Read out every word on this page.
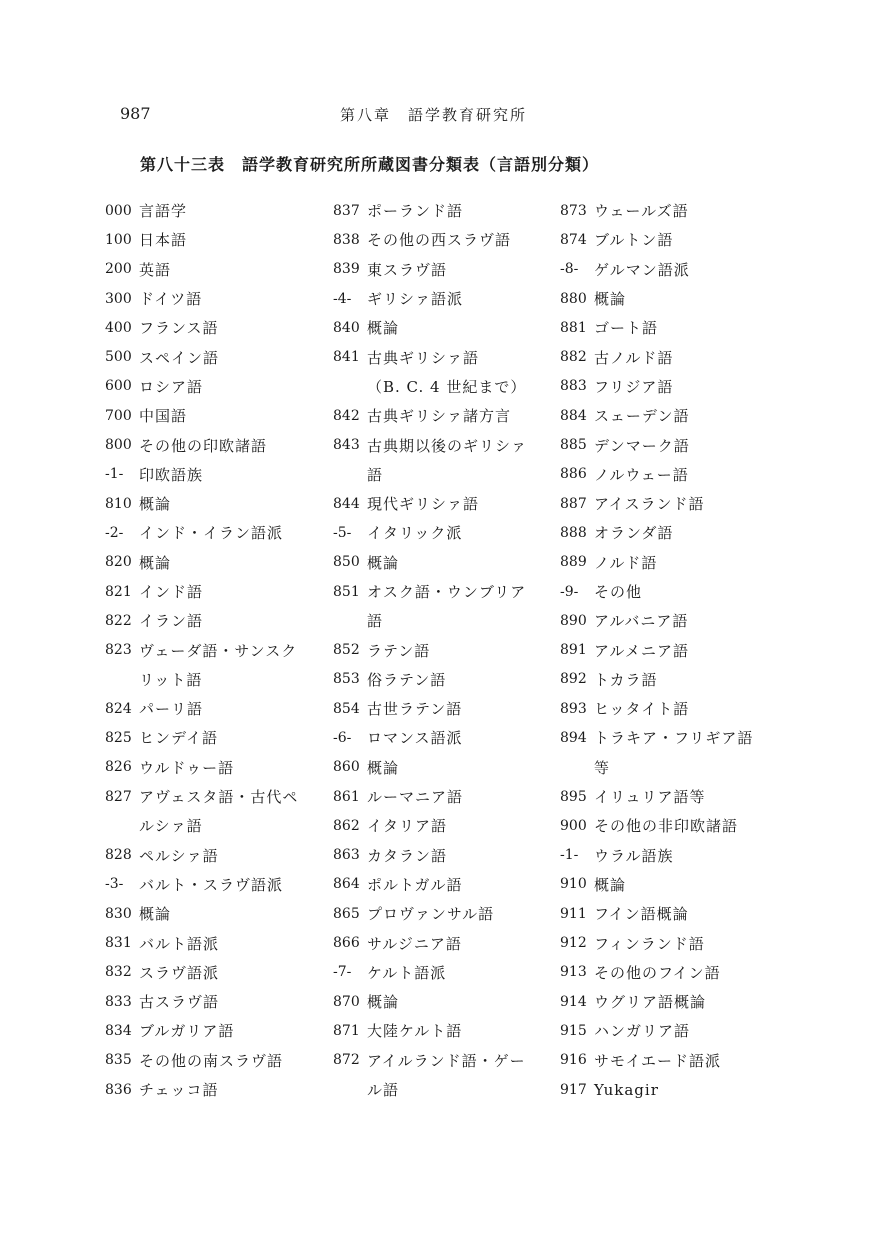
987	第八章　語学教育研究所
第八十三表　語学教育研究所所蔵図書分類表（言語別分類）
000 言語学
100 日本語
200 英語
300 ドイツ語
400 フランス語
500 スペイン語
600 ロシア語
700 中国語
800 その他の印欧諸語
-1-	印欧語族
810 概論
-2-	インド・イラン語派
820 概論
821 インド語
822 イラン語
823 ヴェーダ語・サンスク
リット語
824 パーリ語
825 ヒンデイ語
826 ウルドゥー語
827 アヴェスタ語・古代ペ
ルシァ語
828 ペルシァ語
-3-	バルト・スラヴ語派
830 概論
831 バルト語派
832 スラヴ語派
833 古スラヴ語
834 ブルガリア語
835 その他の南スラヴ語
836 チェッコ語
837 ポーランド語
838 その他の西スラヴ語
839 東スラヴ語
-4-	ギリシァ語派
840 概論
841 古典ギリシァ語
（B. C. 4 世紀まで）
842 古典ギリシァ諸方言
843 古典期以後のギリシァ
語
844 現代ギリシァ語
-5-	イタリック派
850 概論
851 オスク語・ウンブリア
語
852 ラテン語
853 俗ラテン語
854 古世ラテン語
-6-	ロマンス語派
860 概論
861 ルーマニア語
862 イタリア語
863 カタラン語
864 ポルトガル語
865 プロヴァンサル語
866 サルジニア語
-7-	ケルト語派
870 概論
871 大陸ケルト語
872 アイルランド語・ゲー
ル語
873 ウェールズ語
874 ブルトン語
-8-	ゲルマン語派
880 概論
881 ゴート語
882 古ノルド語
883 フリジア語
884 スェーデン語
885 デンマーク語
886 ノルウェー語
887 アイスランド語
888 オランダ語
889 ノルド語
-9-	その他
890 アルバニア語
891 アルメニア語
892 トカラ語
893 ヒッタイト語
894 トラキア・フリギア語
等
895 イリュリア語等
900 その他の非印欧諸語
-1-	ウラル語族
910 概論
911 フイン語概論
912 フィンランド語
913 その他のフイン語
914 ウグリア語概論
915 ハンガリア語
916 サモイエード語派
917 Yukagir
